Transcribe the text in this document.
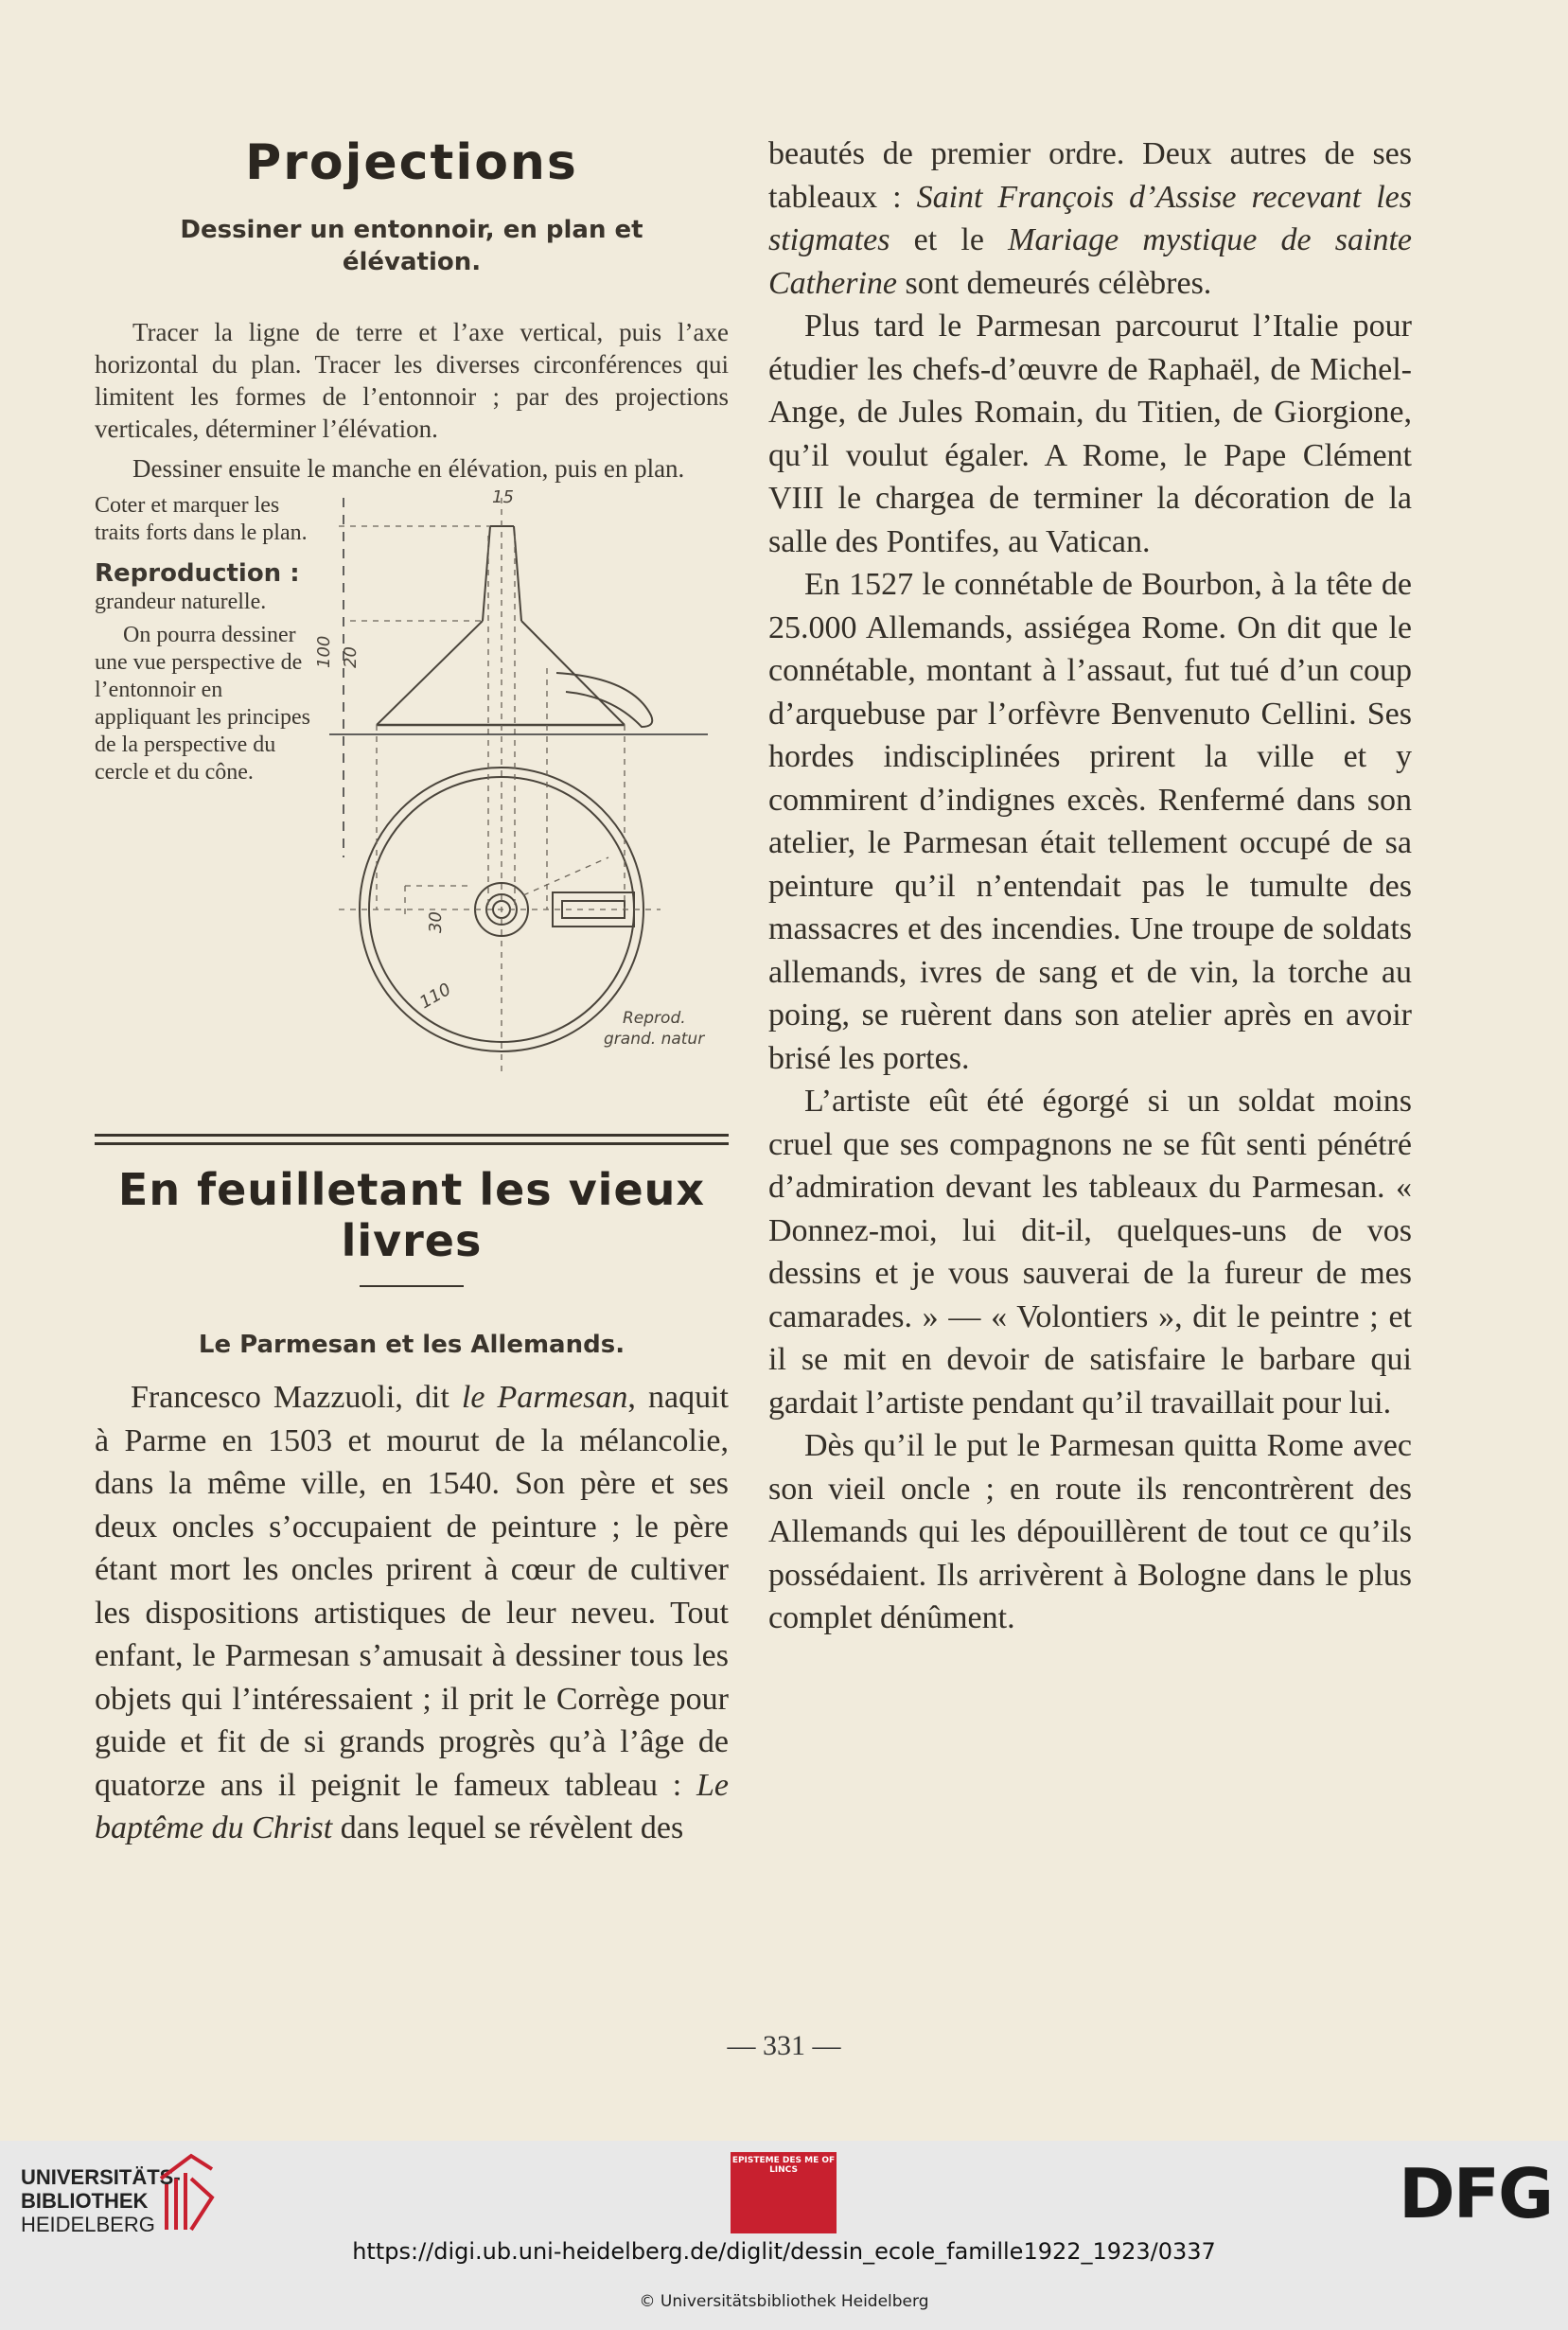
Projections
Dessiner un entonnoir, en plan et élévation.

Tracer la ligne de terre et l’axe vertical, puis l’axe horizontal du plan. Tracer les diverses circonférences qui limitent les formes de l’entonnoir ; par des projections verticales, déterminer l’élévation.

Dessiner ensuite le manche en élévation, puis en plan.

Coter et marquer les traits forts dans le plan.

Reproduction :
grandeur naturelle.

On pourra dessiner une vue perspective de l’entonnoir en appliquant les principes de la perspective du cercle et du cône.

15
100 20
30
110
Reprod.
grand. natur
En feuilletant les vieux livres
Le Parmesan et les Allemands.

Francesco Mazzuoli, dit le Parmesan, naquit à Parme en 1503 et mourut de la mélancolie, dans la même ville, en 1540. Son père et ses deux oncles s’occupaient de peinture ; le père étant mort les oncles prirent à cœur de cultiver les dispositions artistiques de leur neveu. Tout enfant, le Parmesan s’amusait à dessiner tous les objets qui l’intéressaient ; il prit le Corrège pour guide et fit de si grands progrès qu’à l’âge de quatorze ans il peignit le fameux tableau : Le baptême du Christ dans lequel se révèlent des

beautés de premier ordre. Deux autres de ses tableaux : Saint François d’Assise recevant les stigmates et le Mariage mystique de sainte Catherine sont demeurés célèbres.

Plus tard le Parmesan parcourut l’Italie pour étudier les chefs-d’œuvre de Raphaël, de Michel-Ange, de Jules Romain, du Titien, de Giorgione, qu’il voulut égaler. A Rome, le Pape Clément VIII le chargea de terminer la décoration de la salle des Pontifes, au Vatican.

En 1527 le connétable de Bourbon, à la tête de 25.000 Allemands, assiégea Rome. On dit que le connétable, montant à l’assaut, fut tué d’un coup d’arquebuse par l’orfèvre Benvenuto Cellini. Ses hordes indisciplinées prirent la ville et y commirent d’indignes excès. Renfermé dans son atelier, le Parmesan était tellement occupé de sa peinture qu’il n’entendait pas le tumulte des massacres et des incendies. Une troupe de soldats allemands, ivres de sang et de vin, la torche au poing, se ruèrent dans son atelier après en avoir brisé les portes.

L’artiste eût été égorgé si un soldat moins cruel que ses compagnons ne se fût senti pénétré d’admiration devant les tableaux du Parmesan. « Donnez-moi, lui dit-il, quelques-uns de vos dessins et je vous sauverai de la fureur de mes camarades. » — « Volontiers », dit le peintre ; et il se mit en devoir de satisfaire le barbare qui gardait l’artiste pendant qu’il travaillait pour lui.

Dès qu’il le put le Parmesan quitta Rome avec son vieil oncle ; en route ils rencontrèrent des Allemands qui les dépouillèrent de tout ce qu’ils possédaient. Ils arrivèrent à Bologne dans le plus complet dénûment.

— 331 —
UNIVERSITÄTS-
BIBLIOTHEK
HEIDELBERG
EPISTEME DES ME OF LINCS	DFG
https://digi.ub.uni-heidelberg.de/diglit/dessin_ecole_famille1922_1923/0337
© Universitätsbibliothek Heidelberg
